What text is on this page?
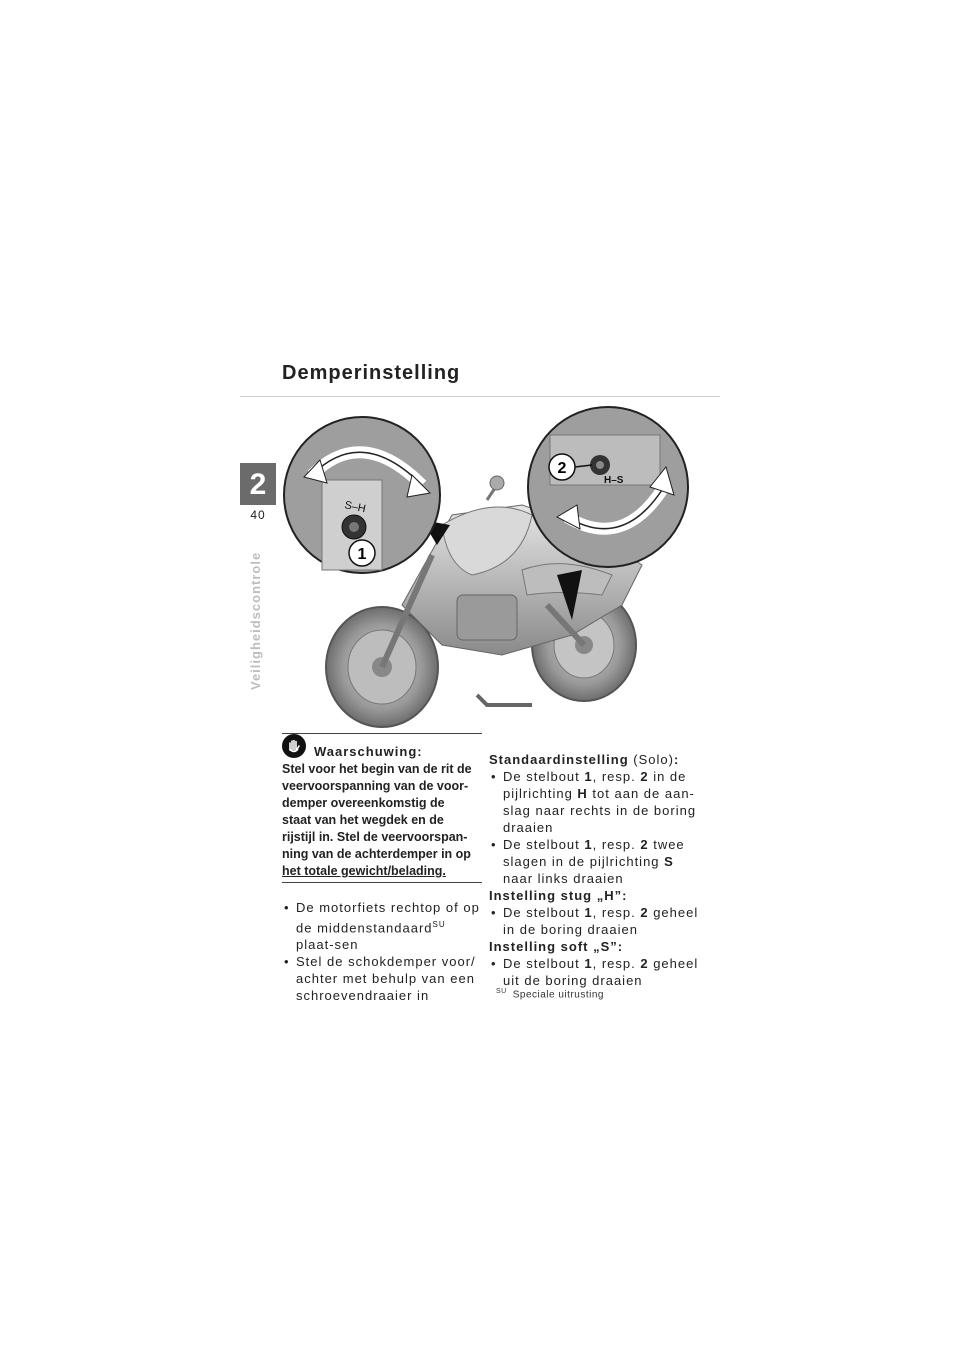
Demperinstelling
2
40
Veiligheidscontrole
S–H
1
H–S
2
Waarschuwing:
Stel voor het begin van de rit de
veervoorspanning van de voor-
demper overeenkomstig de
staat van het wegdek en de
rijstijl in. Stel de veervoorspan-
ning van de achterdemper in op
het totale gewicht/belading.

• De motorfiets rechtop of op de middenstandaard$^{SU}$ plaat-sen

• Stel de schokdemper voor/ achter met behulp van een schroevendraaier in

Standaardinstelling (Solo):

• De stelbout 1, resp. 2 in de pijlrichting H tot aan de aan-slag naar rechts in de boring draaien

• De stelbout 1, resp. 2 twee slagen in de pijlrichting S naar links draaien

Instelling stug „H”:

• De stelbout 1, resp. 2 geheel in de boring draaien

Instelling soft „S”:

• De stelbout 1, resp. 2 geheel uit de boring draaien

$^{SU}$ Speciale uitrusting
